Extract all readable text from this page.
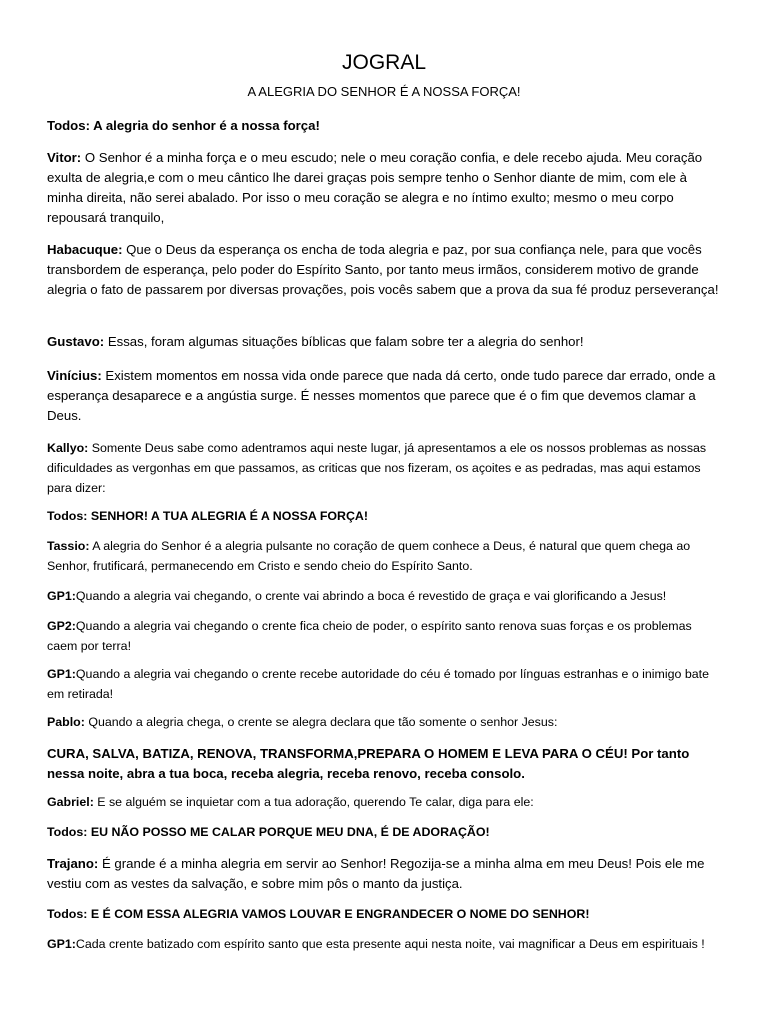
JOGRAL
A ALEGRIA DO SENHOR É A NOSSA FORÇA!

Todos: A alegria do senhor é a nossa força!

Vitor: O Senhor é a minha força e o meu escudo; nele o meu coração confia, e dele recebo ajuda. Meu coração exulta de alegria,e com o meu cântico lhe darei graças pois sempre tenho o Senhor diante de mim, com ele à minha direita, não serei abalado. Por isso o meu coração se alegra e no íntimo exulto; mesmo o meu corpo repousará tranquilo,

Habacuque: Que o Deus da esperança os encha de toda alegria e paz, por sua confiança nele, para que vocês transbordem de esperança, pelo poder do Espírito Santo, por tanto meus irmãos, considerem motivo de grande alegria o fato de passarem por diversas provações, pois vocês sabem que a prova da sua fé produz perseverança!

Gustavo: Essas, foram algumas situações bíblicas que falam sobre ter a alegria do senhor!

Vinícius: Existem momentos em nossa vida onde parece que nada dá certo, onde tudo parece dar errado, onde a esperança desaparece e a angústia surge. É nesses momentos que parece que é o fim que devemos clamar a Deus.

Kallyo: Somente Deus sabe como adentramos aqui neste lugar, já apresentamos a ele os nossos problemas as nossas dificuldades as vergonhas em que passamos, as criticas que nos fizeram, os açoites e as pedradas, mas aqui estamos para dizer:

Todos: SENHOR! A TUA ALEGRIA É A NOSSA FORÇA!

Tassio: A alegria do Senhor é a alegria pulsante no coração de quem conhece a Deus, é natural que quem chega ao Senhor, frutificará, permanecendo em Cristo e sendo cheio do Espírito Santo.

GP1:Quando a alegria vai chegando, o crente vai abrindo a boca é revestido de graça e vai glorificando a Jesus!

GP2:Quando a alegria vai chegando o crente fica cheio de poder, o espírito santo renova suas forças e os problemas caem por terra!

GP1:Quando a alegria vai chegando o crente recebe autoridade do céu é tomado por línguas estranhas e o inimigo bate em retirada!

Pablo: Quando a alegria chega, o crente se alegra declara que tão somente o senhor Jesus:

CURA, SALVA, BATIZA, RENOVA, TRANSFORMA,PREPARA O HOMEM E LEVA PARA O CÉU! Por tanto nessa noite, abra a tua boca, receba alegria, receba renovo, receba consolo.

Gabriel: E se alguém se inquietar com a tua adoração, querendo Te calar, diga para ele:

Todos: EU NÃO POSSO ME CALAR PORQUE MEU DNA, É DE ADORAÇÃO!

Trajano: É grande é a minha alegria em servir ao Senhor! Regozija-se a minha alma em meu Deus! Pois ele me vestiu com as vestes da salvação, e sobre mim pôs o manto da justiça.

Todos: E É COM ESSA ALEGRIA VAMOS LOUVAR E ENGRANDECER O NOME DO SENHOR!

GP1:Cada crente batizado com espírito santo que esta presente aqui nesta noite, vai magnificar a Deus em espirituais !
